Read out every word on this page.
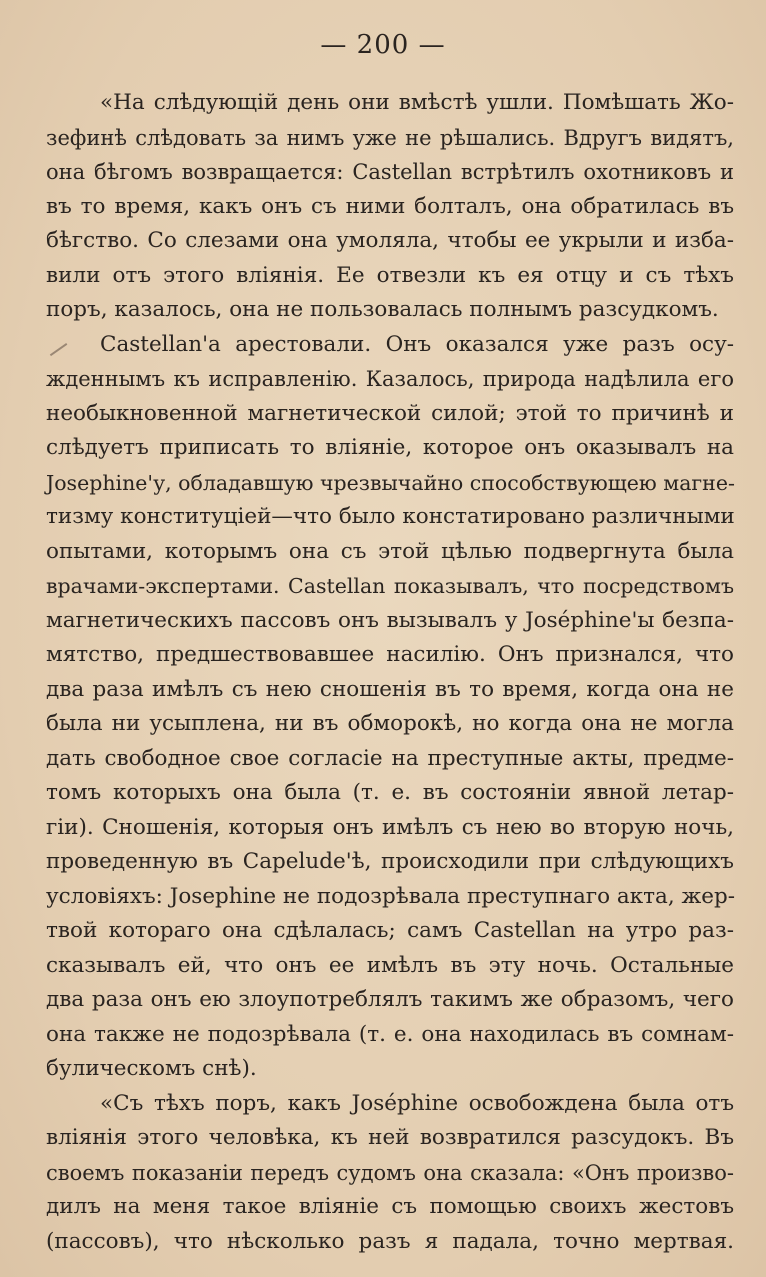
— 200 —
«На слѣдующій день они вмѣстѣ ушли. Помѣшать Жо-
зефинѣ слѣдовать за нимъ уже не рѣшались. Вдругъ видятъ,
она бѣгомъ возвращается: Castellan встрѣтилъ охотниковъ и
въ то время, какъ онъ съ ними болталъ, она обратилась въ
бѣгство. Со слезами она умоляла, чтобы ее укрыли и изба-
вили отъ этого вліянія. Ее отвезли къ ея отцу и съ тѣхъ
поръ, казалось, она не пользовалась полнымъ разсудкомъ.
Castellan'а арестовали. Онъ оказался уже разъ осу-
жденнымъ къ исправленію. Казалось, природа надѣлила его
необыкновенной магнетической силой; этой то причинѣ и
слѣдуетъ приписать то вліяніе, которое онъ оказывалъ на
Josephine'у, обладавшую чрезвычайно способствующею магне-
тизму конституціей—что было констатировано различными
опытами, которымъ она съ этой цѣлью подвергнута была
врачами-экспертами. Castellan показывалъ, что посредствомъ
магнетическихъ пассовъ онъ вызывалъ у Joséphine'ы безпа-
мятство, предшествовавшее насилію. Онъ признался, что
два раза имѣлъ съ нею сношенія въ то время, когда она не
была ни усыплена, ни въ обморокѣ, но когда она не могла
дать свободное свое согласіе на преступные акты, предме-
томъ которыхъ она была (т. е. въ состояніи явной летар-
гіи). Сношенія, которыя онъ имѣлъ съ нею во вторую ночь,
проведенную въ Capelude'ѣ, происходили при слѣдующихъ
условіяхъ: Josephine не подозрѣвала преступнаго акта, жер-
твой котораго она сдѣлалась; самъ Castellan на утро раз-
сказывалъ ей, что онъ ее имѣлъ въ эту ночь. Остальные
два раза онъ ею злоупотреблялъ такимъ же образомъ, чего
она также не подозрѣвала (т. е. она находилась въ сомнам-
булическомъ снѣ).
«Съ тѣхъ поръ, какъ Joséphine освобождена была отъ
вліянія этого человѣка, къ ней возвратился разсудокъ. Въ
своемъ показаніи передъ судомъ она сказала: «Онъ произво-
дилъ на меня такое вліяніе съ помощью своихъ жестовъ
(пассовъ), что нѣсколько разъ я падала, точно мертвая.
